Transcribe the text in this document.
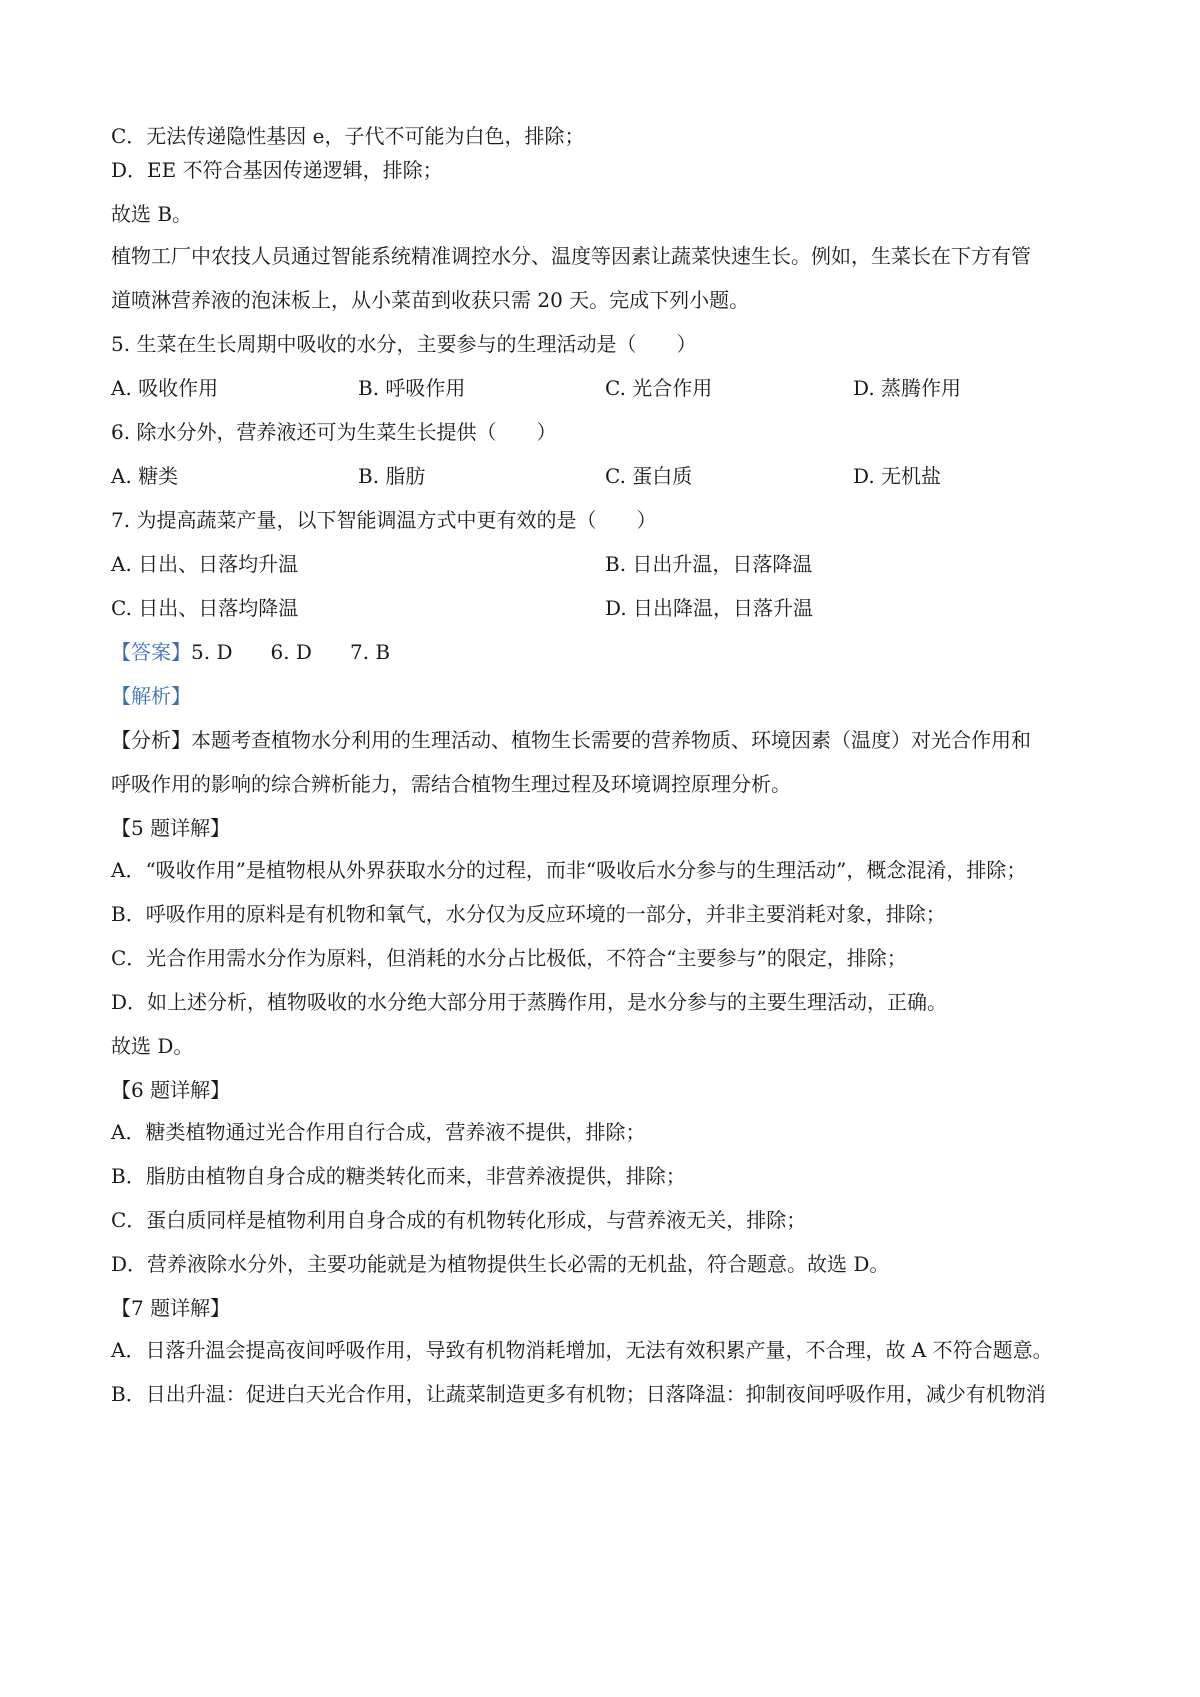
C．无法传递隐性基因 e，子代不可能为白色，排除；
D．EE 不符合基因传递逻辑，排除；
故选 B。
植物工厂中农技人员通过智能系统精准调控水分、温度等因素让蔬菜快速生长。例如，生菜长在下方有管
道喷淋营养液的泡沫板上，从小菜苗到收获只需 20 天。完成下列小题。
5. 生菜在生长周期中吸收的水分，主要参与的生理活动是（　　）
A. 吸收作用	B. 呼吸作用	C. 光合作用	D. 蒸腾作用
6. 除水分外，营养液还可为生菜生长提供（　　）
A. 糖类	B. 脂肪	C. 蛋白质	D. 无机盐
7. 为提高蔬菜产量，以下智能调温方式中更有效的是（　　）
A. 日出、日落均升温	B. 日出升温，日落降温
C. 日出、日落均降温	D. 日出降温，日落升温
【答案】5. D 6. D 7. B
【解析】
【分析】本题考查植物水分利用的生理活动、植物生长需要的营养物质、环境因素（温度）对光合作用和
呼吸作用的影响的综合辨析能力，需结合植物生理过程及环境调控原理分析。
【5 题详解】
A．“吸收作用”是植物根从外界获取水分的过程，而非“吸收后水分参与的生理活动”，概念混淆，排除；
B．呼吸作用的原料是有机物和氧气，水分仅为反应环境的一部分，并非主要消耗对象，排除；
C．光合作用需水分作为原料，但消耗的水分占比极低，不符合“主要参与”的限定，排除；
D．如上述分析，植物吸收的水分绝大部分用于蒸腾作用，是水分参与的主要生理活动，正确。
故选 D。
【6 题详解】
A．糖类植物通过光合作用自行合成，营养液不提供，排除；
B．脂肪由植物自身合成的糖类转化而来，非营养液提供，排除；
C．蛋白质同样是植物利用自身合成的有机物转化形成，与营养液无关，排除；
D．营养液除水分外，主要功能就是为植物提供生长必需的无机盐，符合题意。故选 D。
【7 题详解】
A．日落升温会提高夜间呼吸作用，导致有机物消耗增加，无法有效积累产量，不合理，故 A 不符合题意。
B．日出升温：促进白天光合作用，让蔬菜制造更多有机物；日落降温：抑制夜间呼吸作用，减少有机物消
